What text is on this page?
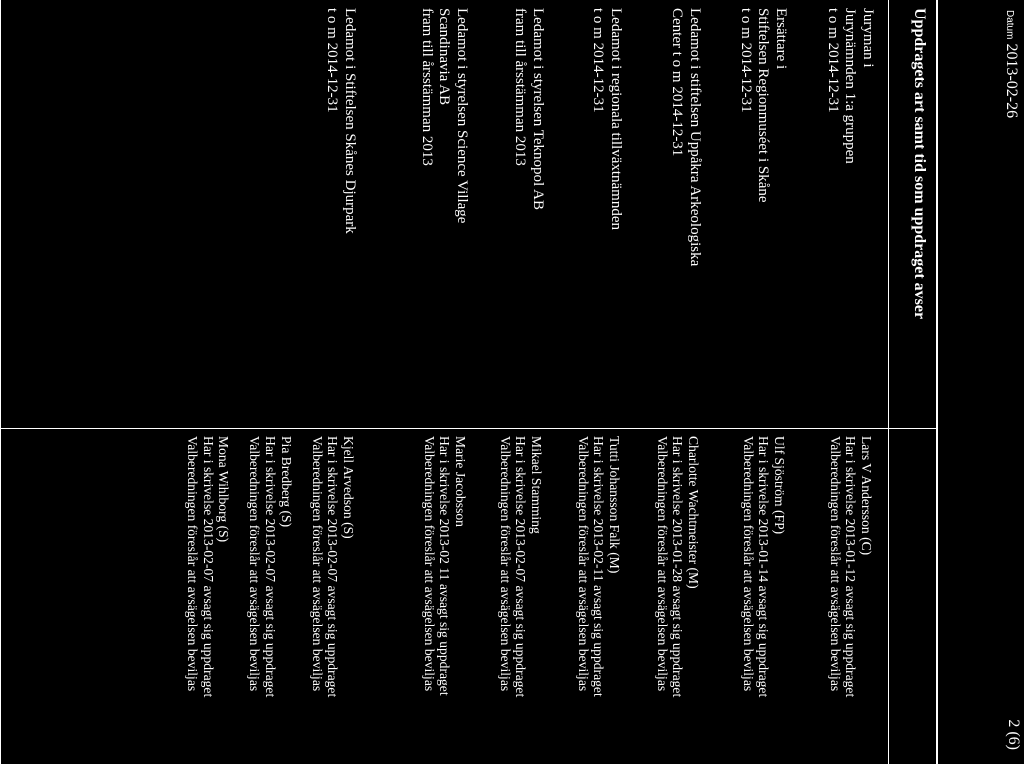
Datum2013-02-26
2 (6)
Uppdragets art samt tid som uppdraget avser
Juryman i
Jurynämnden 1:a gruppen
t o m 2014-12-31
Lars V Andersson (C)
Har i skrivelse 2013-01-12 avsagt sig uppdraget
Valberedningen föreslår att avsägelsen beviljas
Ersättare i
Stiftelsen Regionmuséet i Skåne
t o m 2014-12-31
Ulf Sjöström (FP)
Har i skrivelse 2013-01-14 avsagt sig uppdraget
Valberedningen föreslår att avsägelsen beviljas
Ledamot i stiftelsen Uppåkra Arkeologiska
Center t o m 2014-12-31
Charlotte Wachtmeister (M)
Har i skrivelse 2013-01-28 avsagt sig uppdraget
Valberedningen föreslår att avsägelsen beviljas
Ledamot i regionala tillväxtnämnden
t o m 2014-12-31
Tutti Johansson Falk (M)
Har i skrivelse 2013-02-11 avsagt sig uppdraget
Valberedningen föreslår att avsägelsen beviljas
Ledamot i styrelsen Teknopol AB
fram till årsstämman 2013
Mikael Stamming
Har i skrivelse 2013-02-07 avsagt sig uppdraget
Valberedningen föreslår att avsägelsen beviljas
Ledamot i styrelsen Science Village
Scandinavia AB
fram till årsstämman 2013
Marie Jacobsson
Har i skrivelse 2013-02 11 avsagt sig uppdraget
Valberedningen föreslår att avsägelsen beviljas
Ledamot i Stiftelsen Skånes Djurpark
t o m 2014-12-31
Kjell Arvedson (S)
Har i skrivelse 2013-02-07 avsagt sig uppdraget
Valberedningen föreslår att avsägelsen beviljas

Pia Bredberg (S)
Har i skrivelse 2013-02-07 avsagt sig uppdraget
Valberedningen föreslår att avsägelsen beviljas

Mona Wihlborg (S)
Har i skrivelse 2013-02-07 avsagt sig uppdraget
Valberedningen föreslår att avsägelsen beviljas
